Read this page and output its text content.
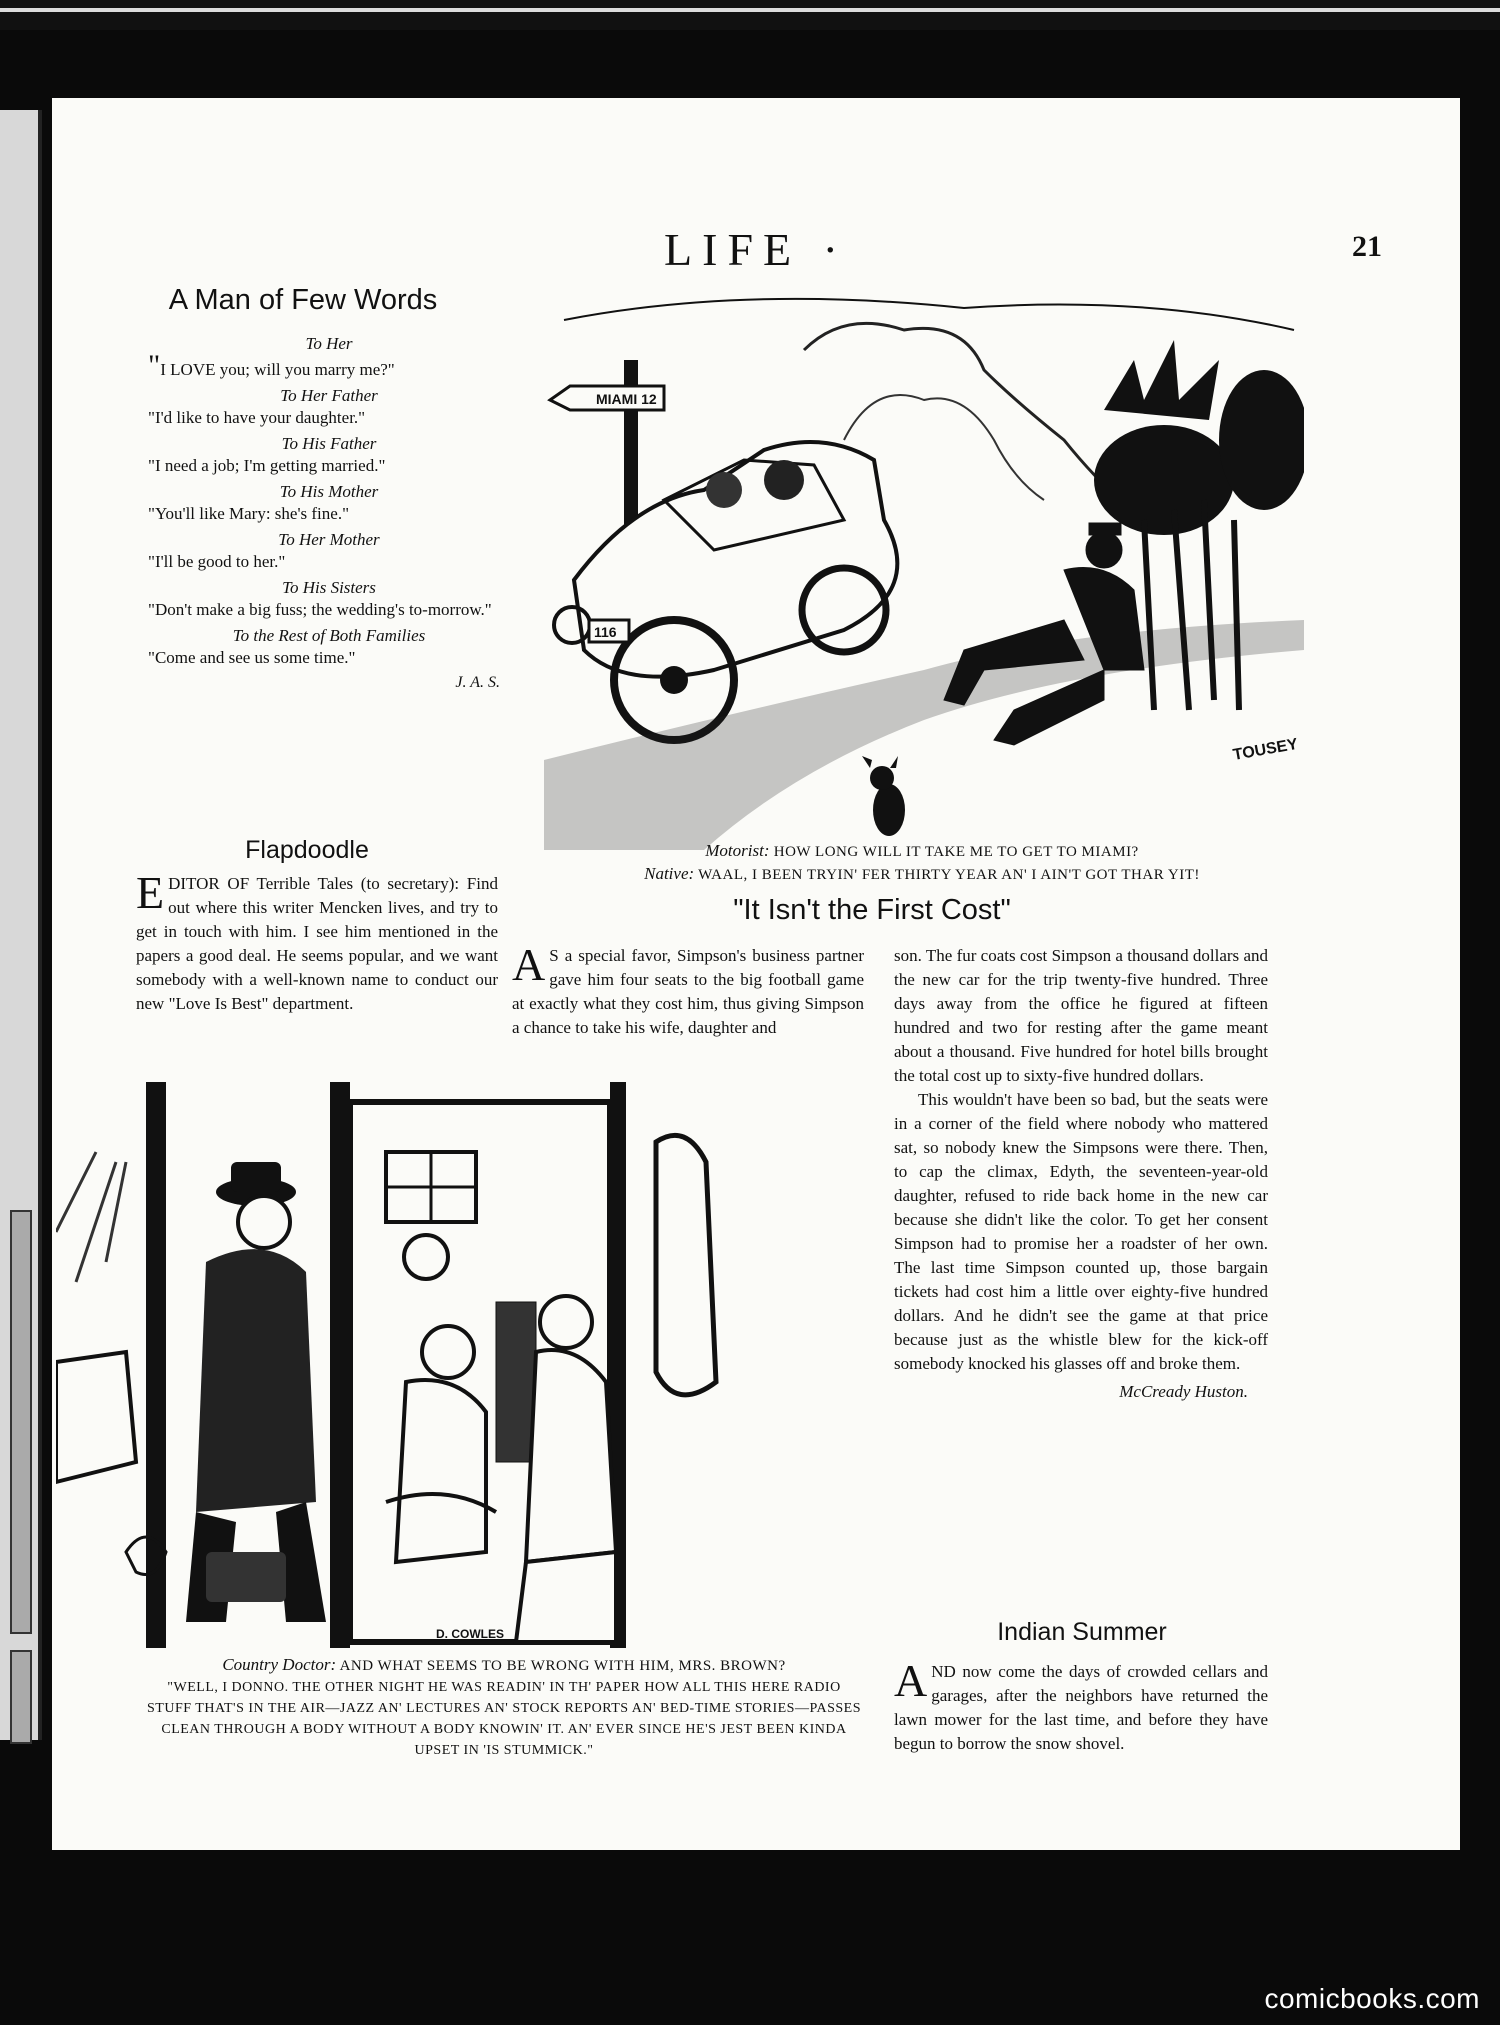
LIFE ·	21
A Man of Few Words
To Her
"I LOVE you; will you marry me?"
To Her Father
"I'd like to have your daughter."
To His Father
"I need a job; I'm getting married."
To His Mother
"You'll like Mary: she's fine."
To Her Mother
"I'll be good to her."
To His Sisters
"Don't make a big fuss; the wedding's to-morrow."
To the Rest of Both Families
"Come and see us some time."
J. A. S.
MIAMI 12
116
TOUSEY
Motorist: HOW LONG WILL IT TAKE ME TO GET TO MIAMI?
Native: WAAL, I BEEN TRYIN' FER THIRTY YEAR AN' I AIN'T GOT THAR YIT!
Flapdoodle
EDITOR OF Terrible Tales (to secretary): Find out where this writer Mencken lives, and try to get in touch with him. I see him mentioned in the papers a good deal. He seems popular, and we want somebody with a well-known name to conduct our new "Love Is Best" department.
"It Isn't the First Cost"
A S a special favor, Simpson's business partner gave him four seats to the big football game at exactly what they cost him, thus giving Simpson a chance to take his wife, daughter and

son. The fur coats cost Simpson a thousand dollars and the new car for the trip twenty-five hundred. Three days away from the office he figured at fifteen hundred and two for resting after the game meant about a thousand. Five hundred for hotel bills brought the total cost up to sixty-five hundred dollars.

This wouldn't have been so bad, but the seats were in a corner of the field where nobody who mattered sat, so nobody knew the Simpsons were there. Then, to cap the climax, Edyth, the seventeen-year-old daughter, refused to ride back home in the new car because she didn't like the color. To get her consent Simpson had to promise her a roadster of her own. The last time Simpson counted up, those bargain tickets had cost him a little over eighty-five hundred dollars. And he didn't see the game at that price because just as the whistle blew for the kick-off somebody knocked his glasses off and broke them.

McCready Huston.

D. COWLES
Country Doctor: AND WHAT SEEMS TO BE WRONG WITH HIM, MRS. BROWN?
"WELL, I DONNO. THE OTHER NIGHT HE WAS READIN' IN TH' PAPER HOW ALL THIS HERE RADIO STUFF THAT'S IN THE AIR—JAZZ AN' LECTURES AN' STOCK REPORTS AN' BED-TIME STORIES—PASSES CLEAN THROUGH A BODY WITHOUT A BODY KNOWIN' IT. AN' EVER SINCE HE'S JEST BEEN KINDA UPSET IN 'IS STUMMICK."
Indian Summer
AND now come the days of crowded cellars and garages, after the neighbors have returned the lawn mower for the last time, and before they have begun to borrow the snow shovel.
comicbooks.com
